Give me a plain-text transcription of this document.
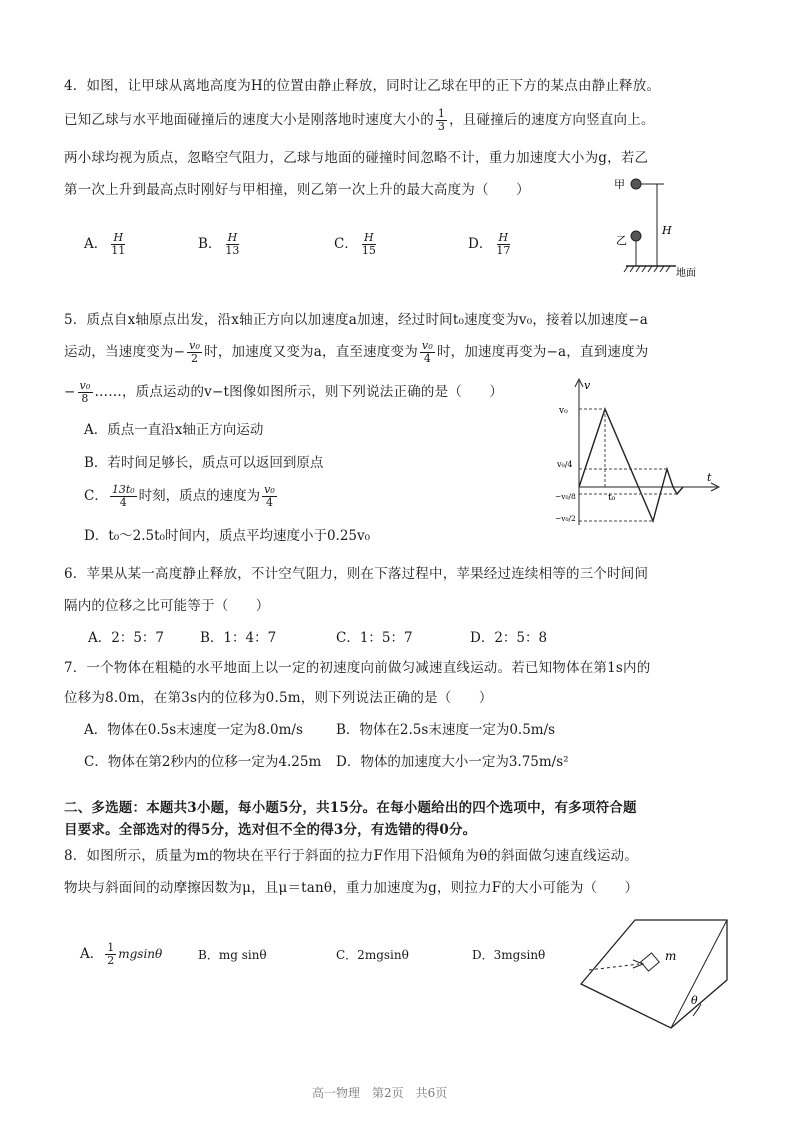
4．如图，让甲球从离地高度为H的位置由静止释放，同时让乙球在甲的正下方的某点由静止释放。
已知乙球与水平地面碰撞后的速度大小是刚落地时速度大小的 $\frac{1}{3}$ ，且碰撞后的速度方向竖直向上。
两小球均视为质点，忽略空气阻力，乙球与地面的碰撞时间忽略不计，重力加速度大小为g，若乙
第一次上升到最高点时刚好与甲相撞，则乙第一次上升的最大高度为（　　）
A． $\frac{H}{11}$	B． $\frac{H}{13}$	C． $\frac{H}{15}$	D． $\frac{H}{17}$
甲
H
乙
地面
5．质点自x轴原点出发，沿x轴正方向以加速度a加速，经过时间t₀速度变为v₀，接着以加速度−a
运动，当速度变为− $\frac{\text{v₀}}{2}$ 时，加速度又变为a，直至速度变为 $\frac{\text{v₀}}{4}$ 时，加速度再变为−a，直到速度为
− $\frac{\text{v₀}}{8}$ ……，质点运动的v−t图像如图所示，则下列说法正确的是（　　）
A．质点一直沿x轴正方向运动
B．若时间足够长，质点可以返回到原点
C． $\frac{\text{13t₀}}{4}$ 时刻，质点的速度为 $\frac{\text{v₀}}{4}$
D．t₀～2.5t₀时间内，质点平均速度小于0.25v₀
v
t
v₀
v₀/4
t₀
−v₀/8
−v₀/2
6．苹果从某一高度静止释放，不计空气阻力，则在下落过程中，苹果经过连续相等的三个时间间
隔内的位移之比可能等于（　　）
A．2：5：7	B．1：4：7	C．1：5：7	D．2：5：8
7．一个物体在粗糙的水平地面上以一定的初速度向前做匀减速直线运动。若已知物体在第1s内的
位移为8.0m，在第3s内的位移为0.5m，则下列说法正确的是（　　）
A．物体在0.5s末速度一定为8.0m/s B．物体在2.5s末速度一定为0.5m/s
C．物体在第2秒内的位移一定为4.25m D．物体的加速度大小一定为3.75m/s²
二、多选题：本题共3小题，每小题5分，共15分。在每小题给出的四个选项中，有多项符合题
目要求。全部选对的得5分，选对但不全的得3分，有选错的得0分。
8．如图所示，质量为m的物块在平行于斜面的拉力F作用下沿倾角为θ的斜面做匀速直线运动。
物块与斜面间的动摩擦因数为μ，且μ＝tanθ，重力加速度为g，则拉力F的大小可能为（　　）
A． $\frac{1}{2}$ mgsinθ	B．mg sinθ	C．2mgsinθ	D．3mgsinθ	m
θ
高一物理　第2页　共6页
